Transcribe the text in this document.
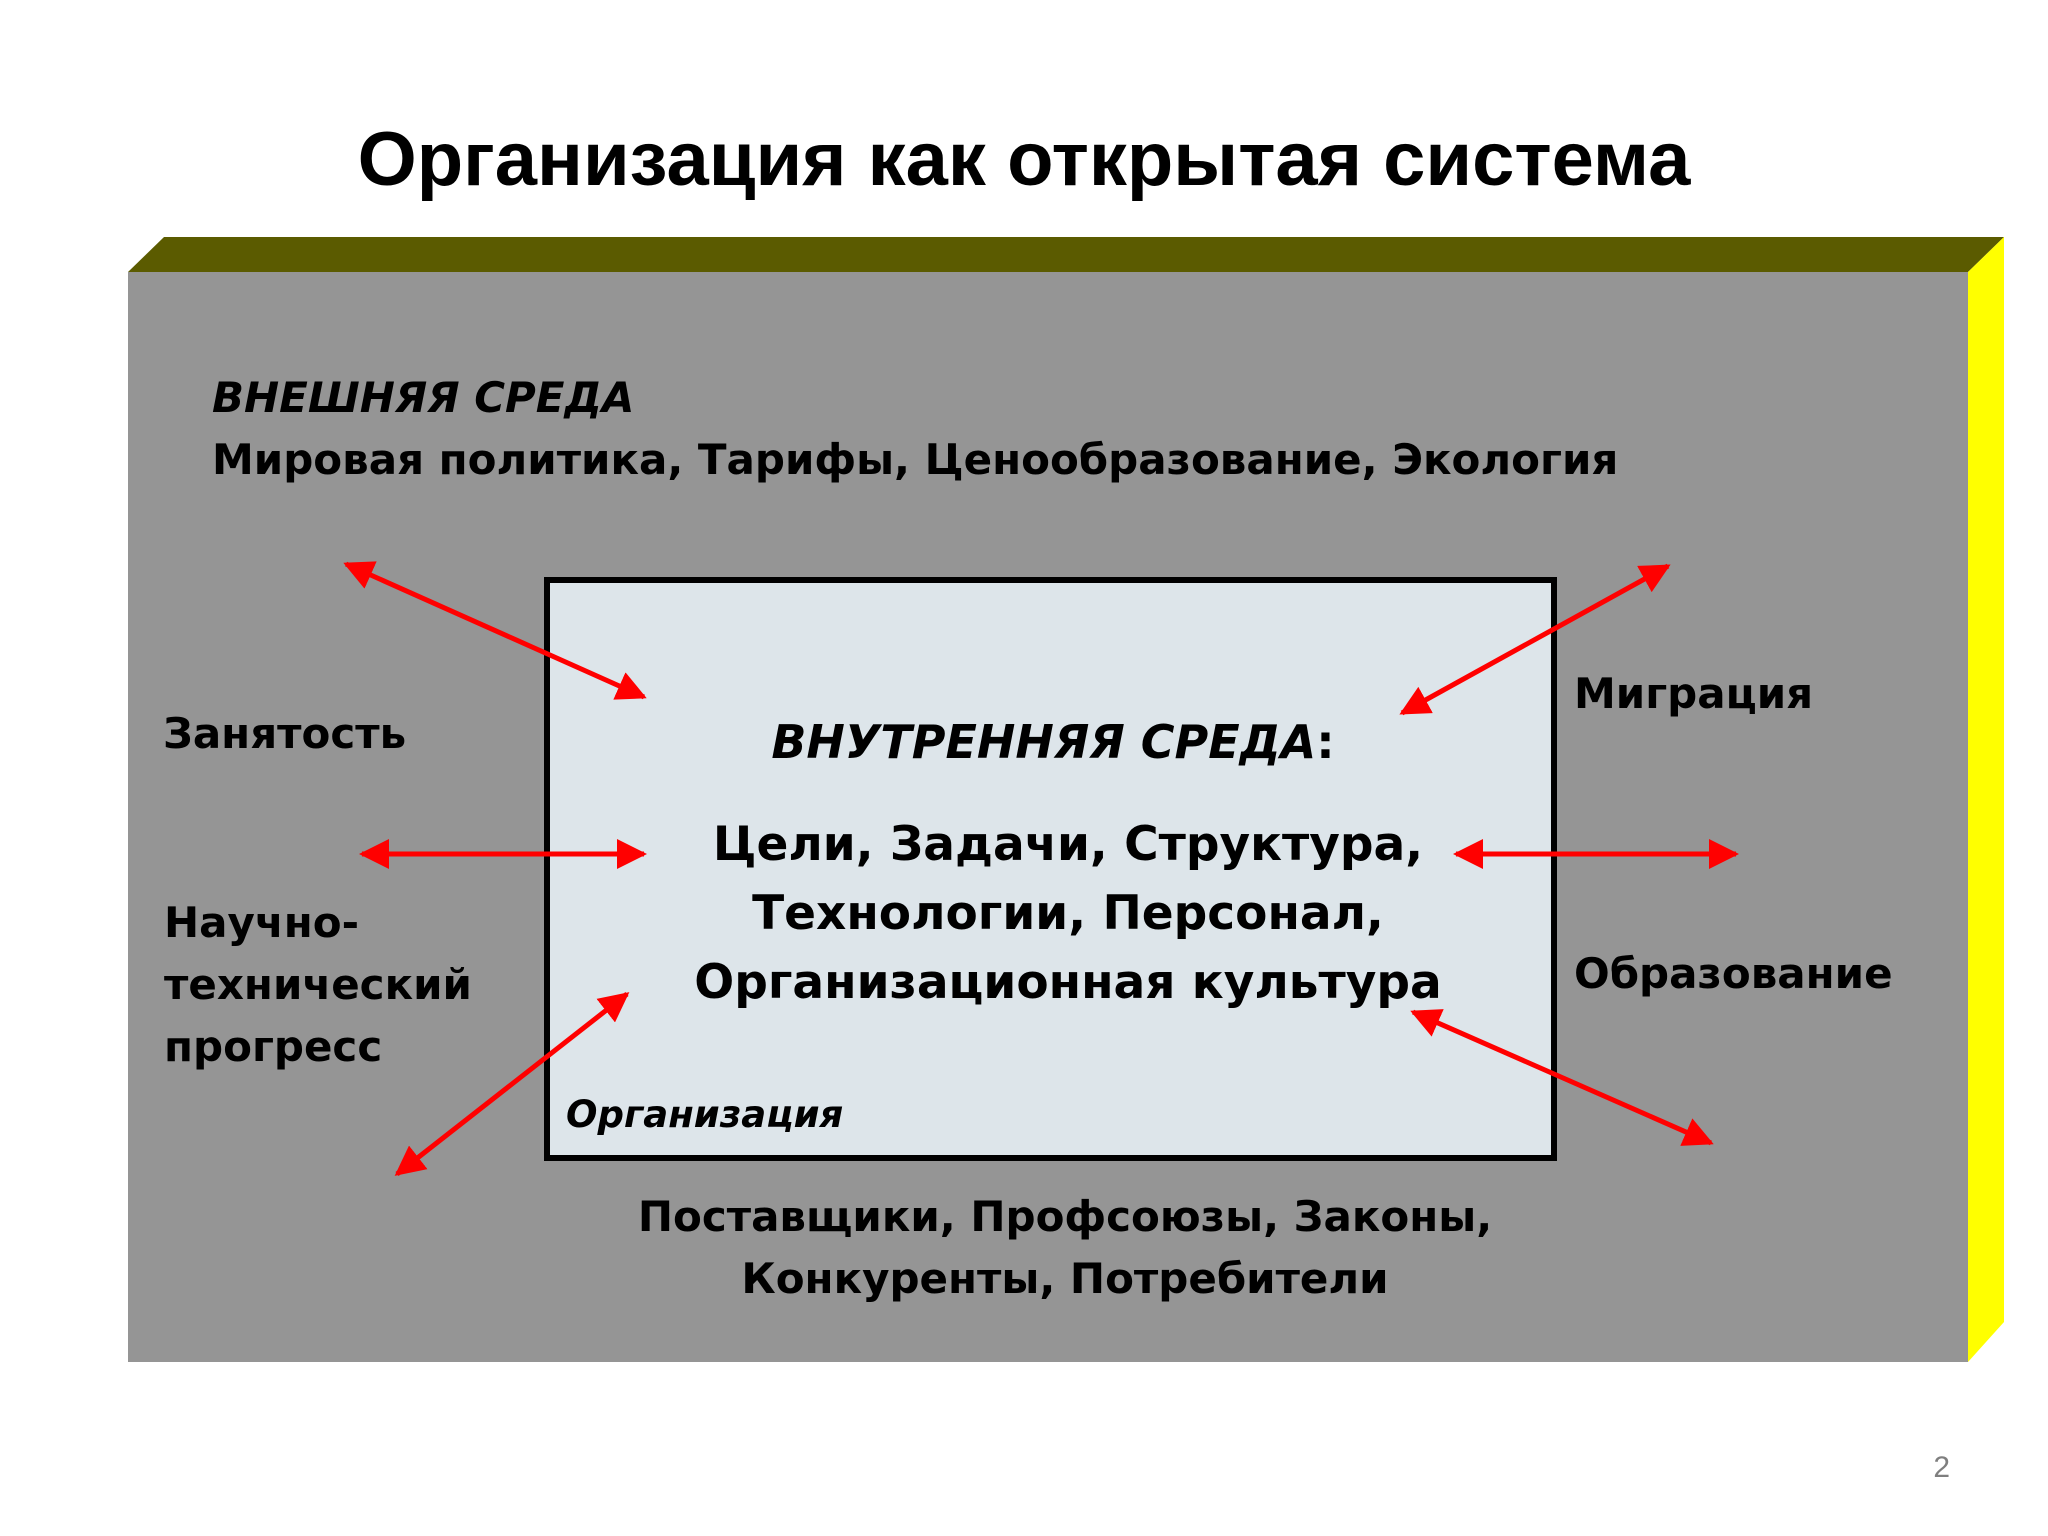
Организация как открытая система

ВНЕШНЯЯ СРЕДА

Мировая политика, Тарифы, Ценообразование, Экология

Занятость

Научно-
технический
прогресс

Миграция

Образование

Поставщики, Профсоюзы, Законы,
Конкуренты, Потребители

ВНУТРЕННЯЯ СРЕДА:

Цели, Задачи, Структура,
Технологии, Персонал,
Организационная культура

Организация

2
